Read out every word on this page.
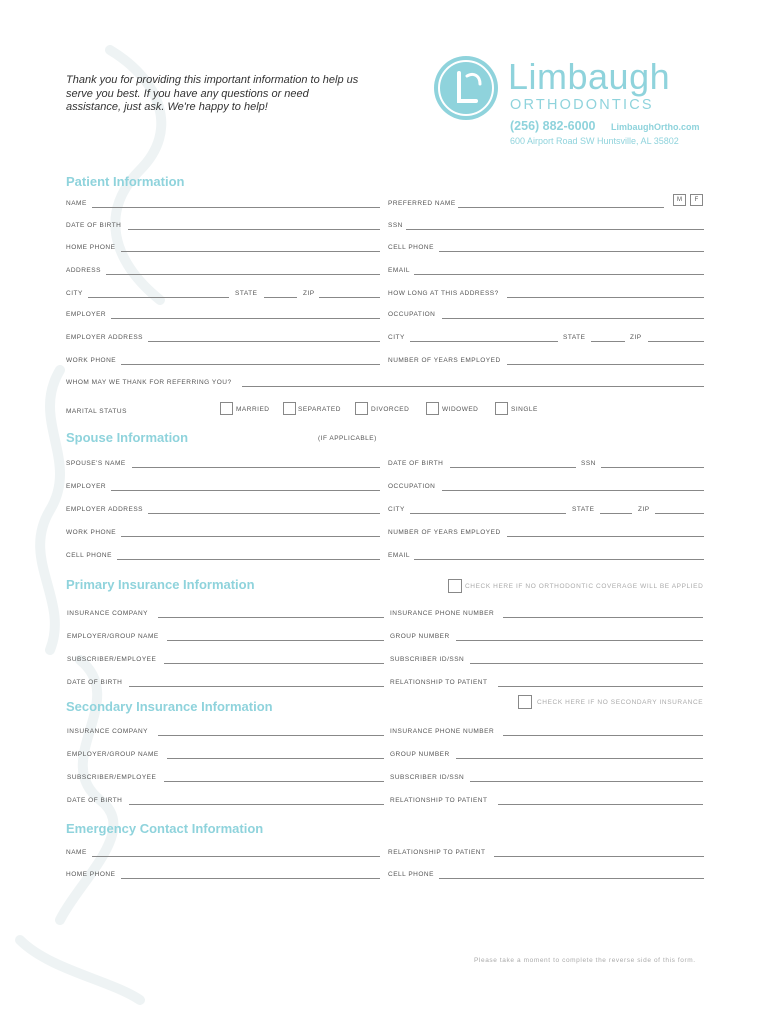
Thank you for providing this important information to help us serve you best. If you have any questions or need assistance, just ask. We're happy to help!
Limbaugh
ORTHODONTICS
(256) 882-6000 LimbaughOrtho.com
600 Airport Road SW Huntsville, AL 35802
Patient Information
NAME	PREFERRED NAME	M	F
DATE OF BIRTH	SSN
HOME PHONE	CELL PHONE
ADDRESS	EMAIL
CITY	STATE	ZIP	HOW LONG AT THIS ADDRESS?
EMPLOYER	OCCUPATION
EMPLOYER ADDRESS	CITY	STATE	ZIP
WORK PHONE	NUMBER OF YEARS EMPLOYED
WHOM MAY WE THANK FOR REFERRING YOU?
MARITAL STATUS	MARRIED	SEPARATED	DIVORCED	WIDOWED	SINGLE
Spouse Information	(IF APPLICABLE)
SPOUSE'S NAME	DATE OF BIRTH	SSN
EMPLOYER	OCCUPATION
EMPLOYER ADDRESS	CITY	STATE	ZIP
WORK PHONE	NUMBER OF YEARS EMPLOYED
CELL PHONE	EMAIL
Primary Insurance Information	CHECK HERE IF NO ORTHODONTIC COVERAGE WILL BE APPLIED
INSURANCE COMPANY	INSURANCE PHONE NUMBER
EMPLOYER/GROUP NAME	GROUP NUMBER
SUBSCRIBER/EMPLOYEE	SUBSCRIBER ID/SSN
DATE OF BIRTH	RELATIONSHIP TO PATIENT
Secondary Insurance Information	CHECK HERE IF NO SECONDARY INSURANCE
INSURANCE COMPANY	INSURANCE PHONE NUMBER
EMPLOYER/GROUP NAME	GROUP NUMBER
SUBSCRIBER/EMPLOYEE	SUBSCRIBER ID/SSN
DATE OF BIRTH	RELATIONSHIP TO PATIENT
Emergency Contact Information
NAME	RELATIONSHIP TO PATIENT
HOME PHONE	CELL PHONE
Please take a moment to complete the reverse side of this form.
